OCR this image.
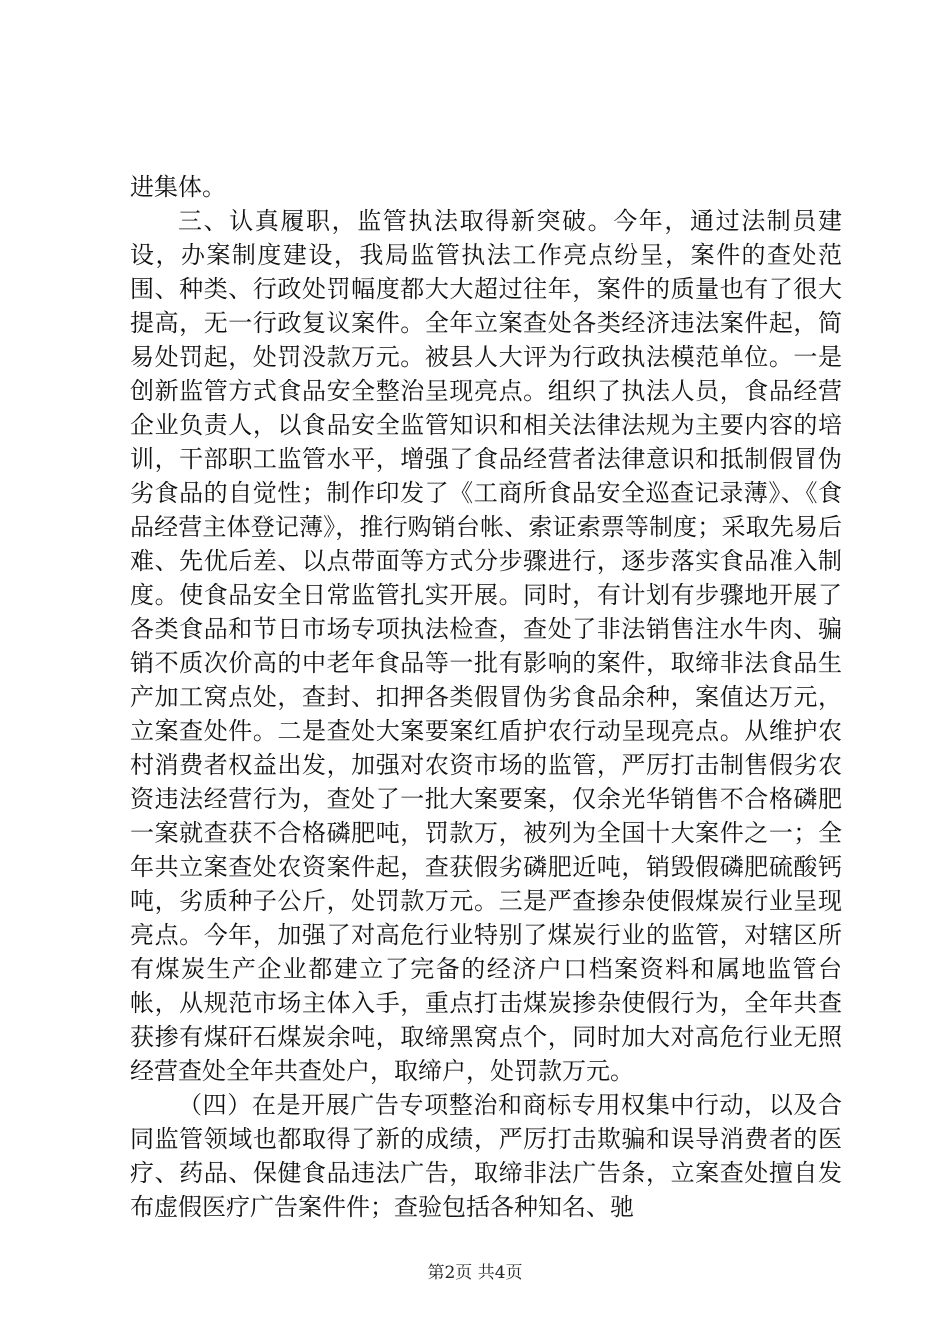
进集体。

三、认真履职，监管执法取得新突破。今年，通过法制员建设，办案制度建设，我局监管执法工作亮点纷呈，案件的查处范围、种类、行政处罚幅度都大大超过往年，案件的质量也有了很大提高，无一行政复议案件。全年立案查处各类经济违法案件起，简易处罚起，处罚没款万元。被县人大评为行政执法模范单位。一是创新监管方式食品安全整治呈现亮点。组织了执法人员，食品经营企业负责人，以食品安全监管知识和相关法律法规为主要内容的培训，干部职工监管水平，增强了食品经营者法律意识和抵制假冒伪劣食品的自觉性；制作印发了《工商所食品安全巡查记录薄》、《食品经营主体登记薄》，推行购销台帐、索证索票等制度；采取先易后难、先优后差、以点带面等方式分步骤进行，逐步落实食品准入制度。使食品安全日常监管扎实开展。同时，有计划有步骤地开展了各类食品和节日市场专项执法检查，查处了非法销售注水牛肉、骗销不质次价高的中老年食品等一批有影响的案件，取缔非法食品生产加工窝点处，查封、扣押各类假冒伪劣食品余种，案值达万元，立案查处件。二是查处大案要案红盾护农行动呈现亮点。从维护农村消费者权益出发，加强对农资市场的监管，严厉打击制售假劣农资违法经营行为，查处了一批大案要案，仅余光华销售不合格磷肥一案就查获不合格磷肥吨，罚款万，被列为全国十大案件之一；全年共立案查处农资案件起，查获假劣磷肥近吨，销毁假磷肥硫酸钙吨，劣质种子公斤，处罚款万元。三是严查掺杂使假煤炭行业呈现亮点。今年，加强了对高危行业特别了煤炭行业的监管，对辖区所有煤炭生产企业都建立了完备的经济户口档案资料和属地监管台帐，从规范市场主体入手，重点打击煤炭掺杂使假行为，全年共查获掺有煤矸石煤炭余吨，取缔黑窝点个，同时加大对高危行业无照经营查处全年共查处户，取缔户，处罚款万元。

（四）在是开展广告专项整治和商标专用权集中行动，以及合同监管领域也都取得了新的成绩，严厉打击欺骗和误导消费者的医疗、药品、保健食品违法广告，取缔非法广告条，立案查处擅自发布虚假医疗广告案件件；查验包括各种知名、驰

第2页 共4页
